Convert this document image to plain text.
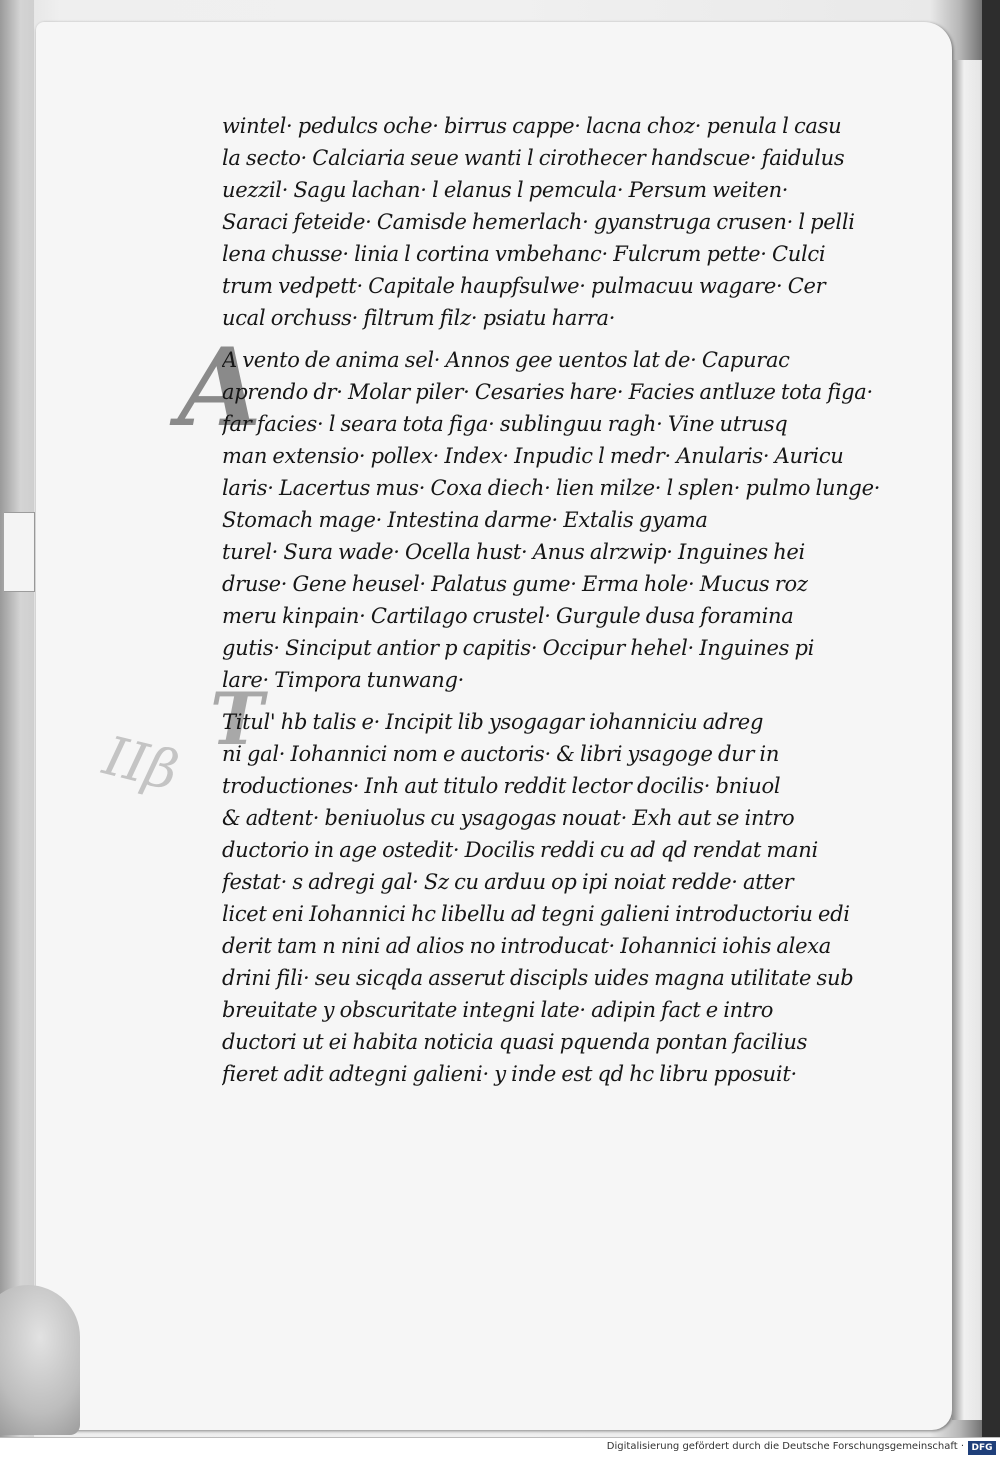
A
T
ΙΙβ
wintel· pedulcs oche· birrus cappe· lacna choz· penula l casu
la secto· Calciaria seue wanti l cirothecer handscue· faidulus
uezzil· Sagu lachan· l elanus l pemcula· Persum weiten·
Saraci feteide· Camisde hemerlach· gyanstruga crusen· l pelli
lena chusse· linia l cortina vmbehanc· Fulcrum pette· Culci
trum vedpett· Capitale haupfsulwe· pulmacuu wagare· Cer
ucal orchuss· filtrum filz· psiatu harra·
A vento de anima sel· Annos gee uentos lat de· Capurac
aprendo dr· Molar piler· Cesaries hare· Facies antluze tota figa·
far facies· l seara tota figa· sublinguu ragh· Vine utrusq
man extensio· pollex· Index· Inpudic l medr· Anularis· Auricu
laris· Lacertus mus· Coxa diech· lien milze· l splen· pulmo lunge·
Stomach mage· Intestina darme· Extalis gyama
turel· Sura wade· Ocella hust· Anus alrzwip· Inguines hei
druse· Gene heusel· Palatus gume· Erma hole· Mucus roz
meru kinpain· Cartilago crustel· Gurgule dusa foramina
gutis· Sinciput antior p capitis· Occipur hehel· Inguines pi
lare· Timpora tunwang·
Titul' hb talis e· Incipit lib ysogagar iohanniciu adreg
ni gal· Iohannici nom e auctoris· & libri ysagoge dur in
troductiones· Inh aut titulo reddit lector docilis· bniuol
& adtent· beniuolus cu ysagogas nouat· Exh aut se intro
ductorio in age ostedit· Docilis reddi cu ad qd rendat mani
festat· s adregi gal· Sz cu arduu op ipi noiat redde· atter
licet eni Iohannici hc libellu ad tegni galieni introductoriu edi
derit tam n nini ad alios no introducat· Iohannici iohis alexa
drini fili· seu sicqda asserut discipls uides magna utilitate sub
breuitate y obscuritate integni late· adipin fact e intro
ductori ut ei habita noticia quasi pquenda pontan facilius
fieret adit adtegni galieni· y inde est qd hc libru pposuit·
Digitalisierung gefördert durch die Deutsche Forschungsgemeinschaft · DFG
